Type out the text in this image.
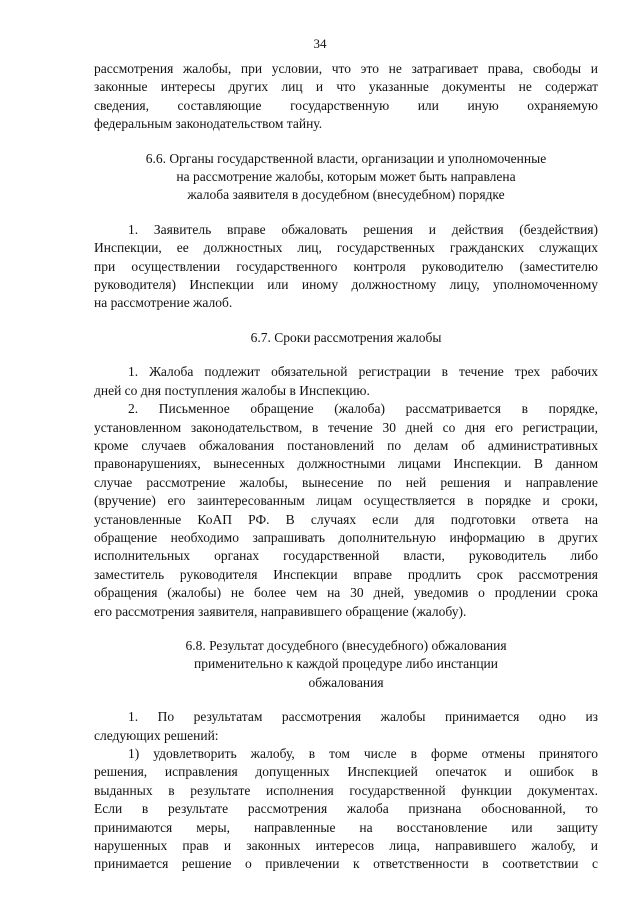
34
рассмотрения жалобы, при условии, что это не затрагивает права, свободы и
законные интересы других лиц и что указанные документы не содержат
сведения, составляющие государственную или иную охраняемую
федеральным законодательством тайну.
6.6. Органы государственной власти, организации и уполномоченные
на рассмотрение жалобы, которым может быть направлена
жалоба заявителя в досудебном (внесудебном) порядке
1. Заявитель вправе обжаловать решения и действия (бездействия)
Инспекции, ее должностных лиц, государственных гражданских служащих
при осуществлении государственного контроля руководителю (заместителю
руководителя) Инспекции или иному должностному лицу, уполномоченному
на рассмотрение жалоб.
6.7. Сроки рассмотрения жалобы
1. Жалоба подлежит обязательной регистрации в течение трех рабочих
дней со дня поступления жалобы в Инспекцию.
2. Письменное обращение (жалоба) рассматривается в порядке,
установленном законодательством, в течение 30 дней со дня его регистрации,
кроме случаев обжалования постановлений по делам об административных
правонарушениях, вынесенных должностными лицами Инспекции. В данном
случае рассмотрение жалобы, вынесение по ней решения и направление
(вручение) его заинтересованным лицам осуществляется в порядке и сроки,
установленные КоАП РФ. В случаях если для подготовки ответа на
обращение необходимо запрашивать дополнительную информацию в других
исполнительных органах государственной власти, руководитель либо
заместитель руководителя Инспекции вправе продлить срок рассмотрения
обращения (жалобы) не более чем на 30 дней, уведомив о продлении срока
его рассмотрения заявителя, направившего обращение (жалобу).
6.8. Результат досудебного (внесудебного) обжалования
применительно к каждой процедуре либо инстанции
обжалования
1. По результатам рассмотрения жалобы принимается одно из
следующих решений:
1) удовлетворить жалобу, в том числе в форме отмены принятого
решения, исправления допущенных Инспекцией опечаток и ошибок в
выданных в результате исполнения государственной функции документах.
Если в результате рассмотрения жалоба признана обоснованной, то
принимаются меры, направленные на восстановление или защиту
нарушенных прав и законных интересов лица, направившего жалобу, и
принимается решение о привлечении к ответственности в соответствии с
